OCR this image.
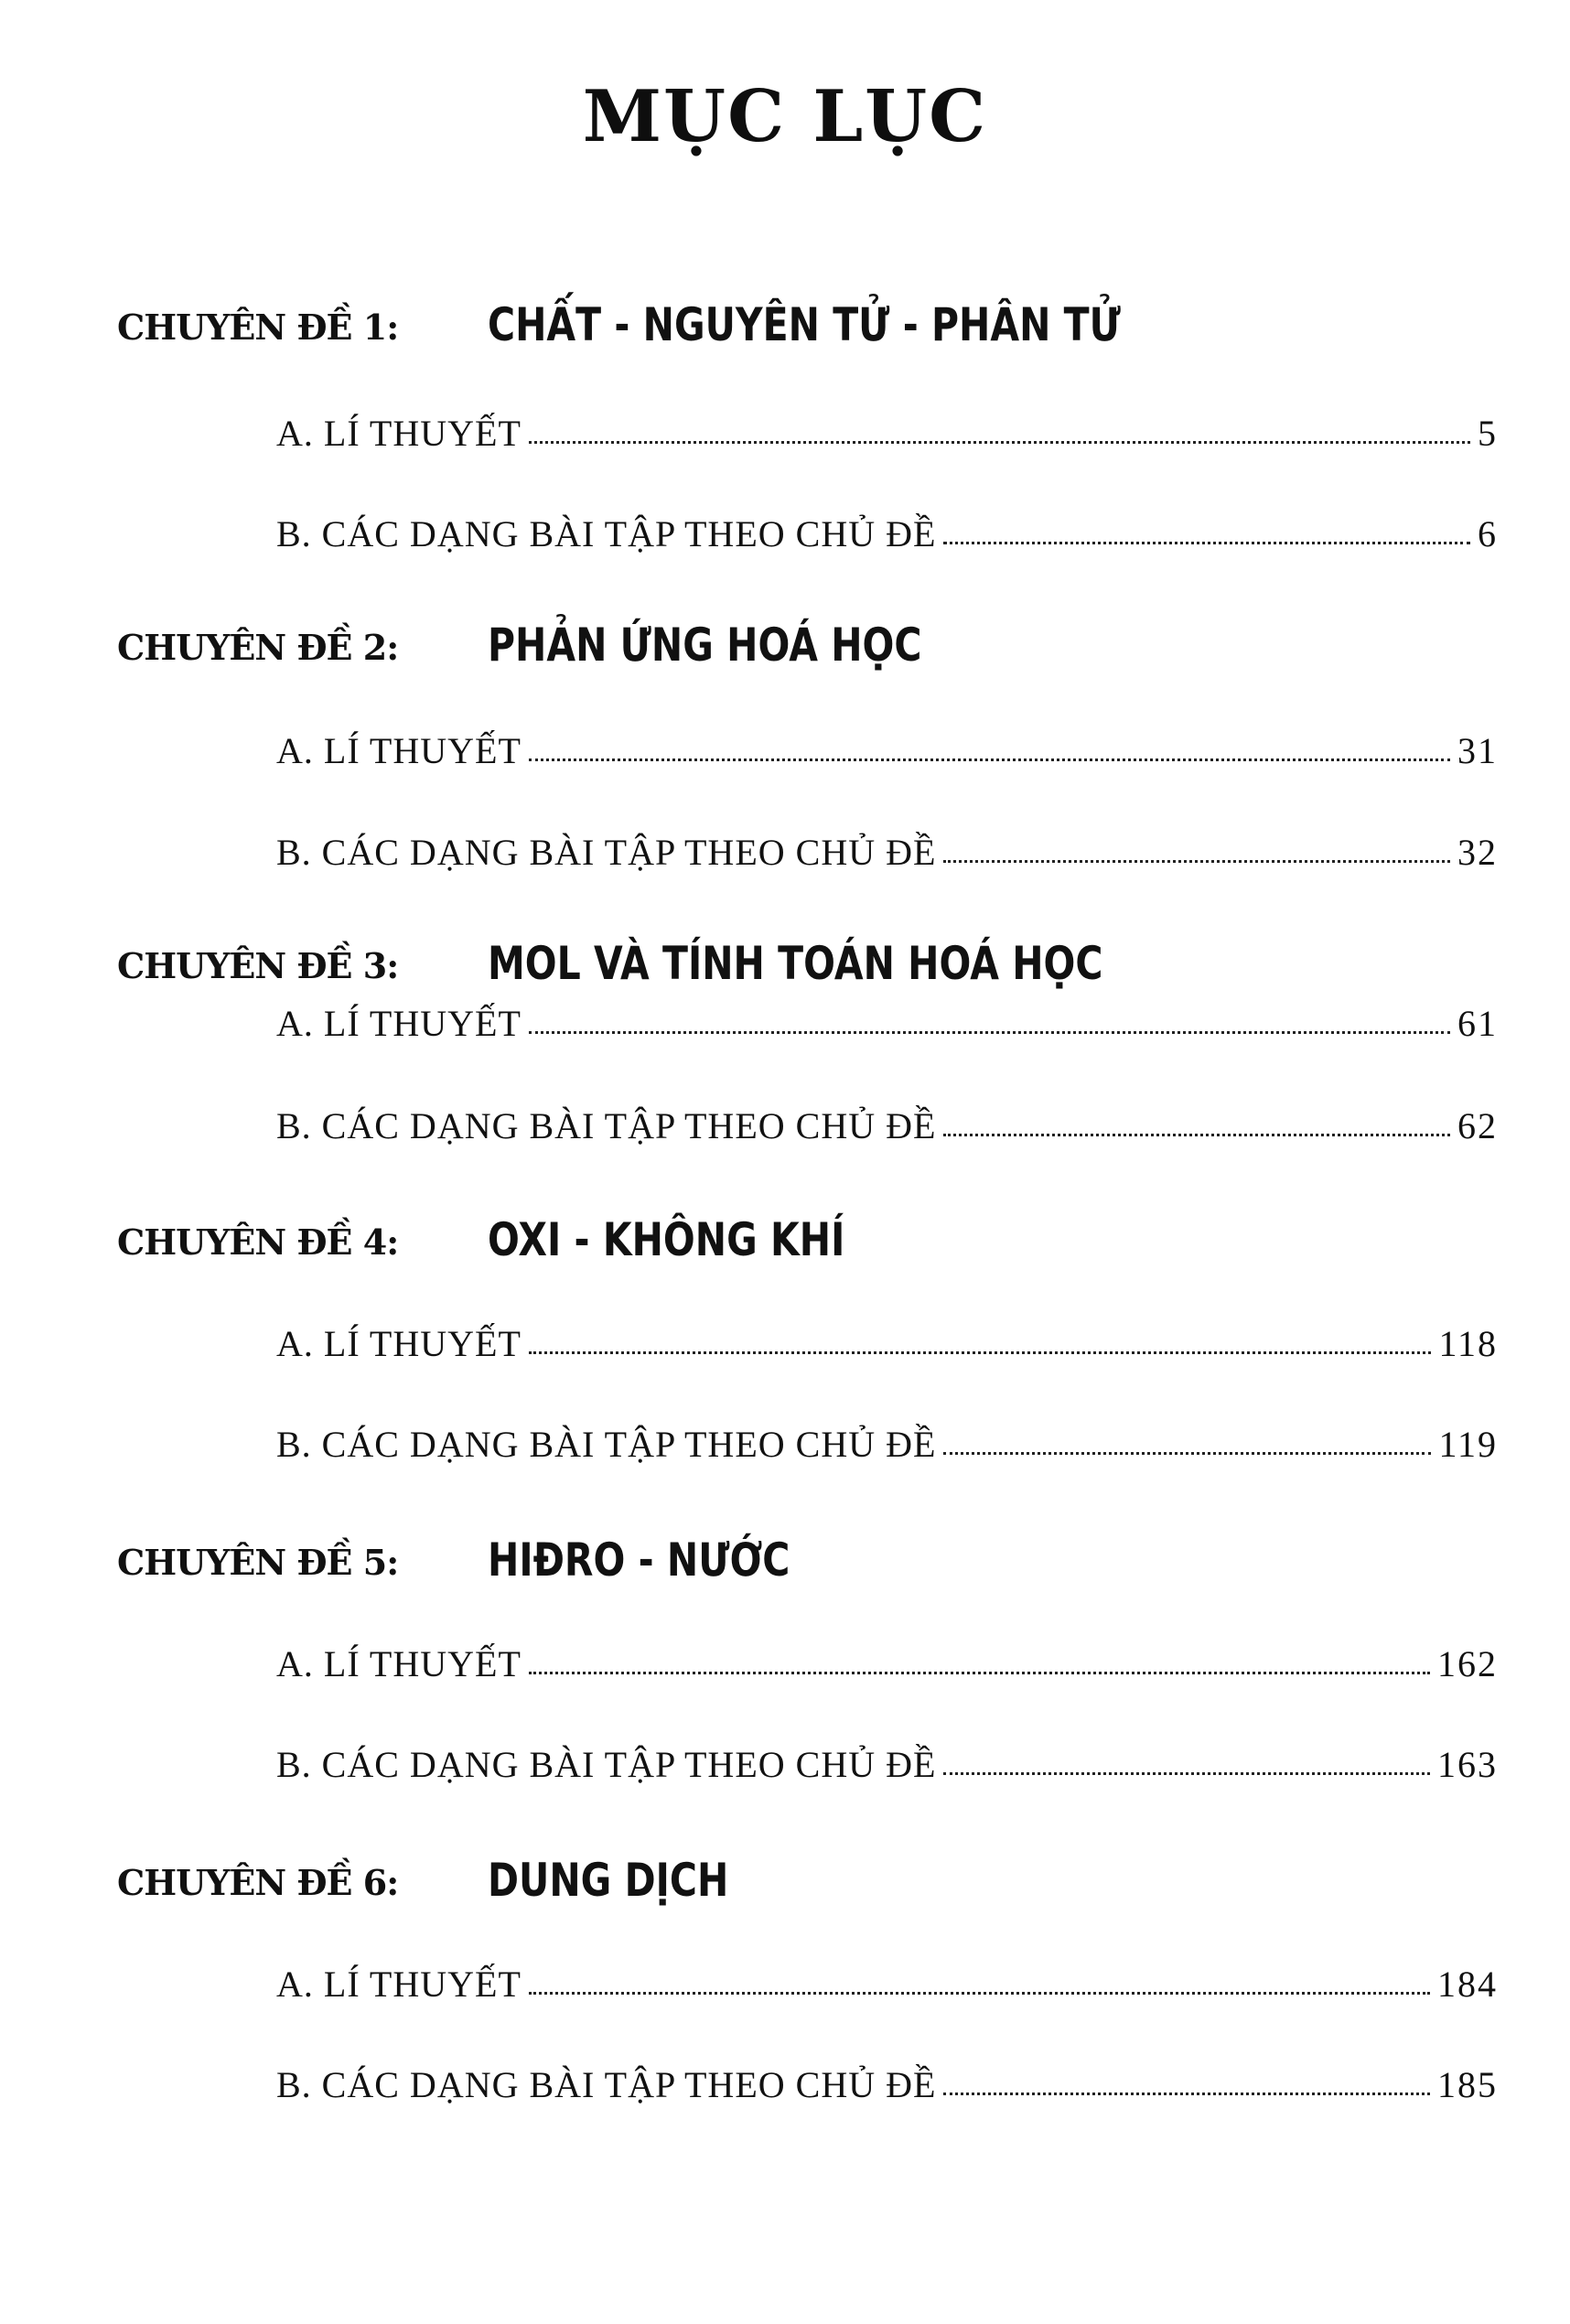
MỤC LỤC
CHUYÊN ĐỀ 1: CHẤT - NGUYÊN TỬ - PHÂN TỬ
A. LÍ THUYẾT	5
B. CÁC DẠNG BÀI TẬP THEO CHỦ ĐỀ	6
CHUYÊN ĐỀ 2: PHẢN ỨNG HOÁ HỌC
A. LÍ THUYẾT	31
B. CÁC DẠNG BÀI TẬP THEO CHỦ ĐỀ	32
CHUYÊN ĐỀ 3: MOL VÀ TÍNH TOÁN HOÁ HỌC
A. LÍ THUYẾT	61
B. CÁC DẠNG BÀI TẬP THEO CHỦ ĐỀ	62
CHUYÊN ĐỀ 4: OXI - KHÔNG KHÍ
A. LÍ THUYẾT	118
B. CÁC DẠNG BÀI TẬP THEO CHỦ ĐỀ	119
CHUYÊN ĐỀ 5: HIĐRO - NƯỚC
A. LÍ THUYẾT	162
B. CÁC DẠNG BÀI TẬP THEO CHỦ ĐỀ	163
CHUYÊN ĐỀ 6: DUNG DỊCH
A. LÍ THUYẾT	184
B. CÁC DẠNG BÀI TẬP THEO CHỦ ĐỀ	185
